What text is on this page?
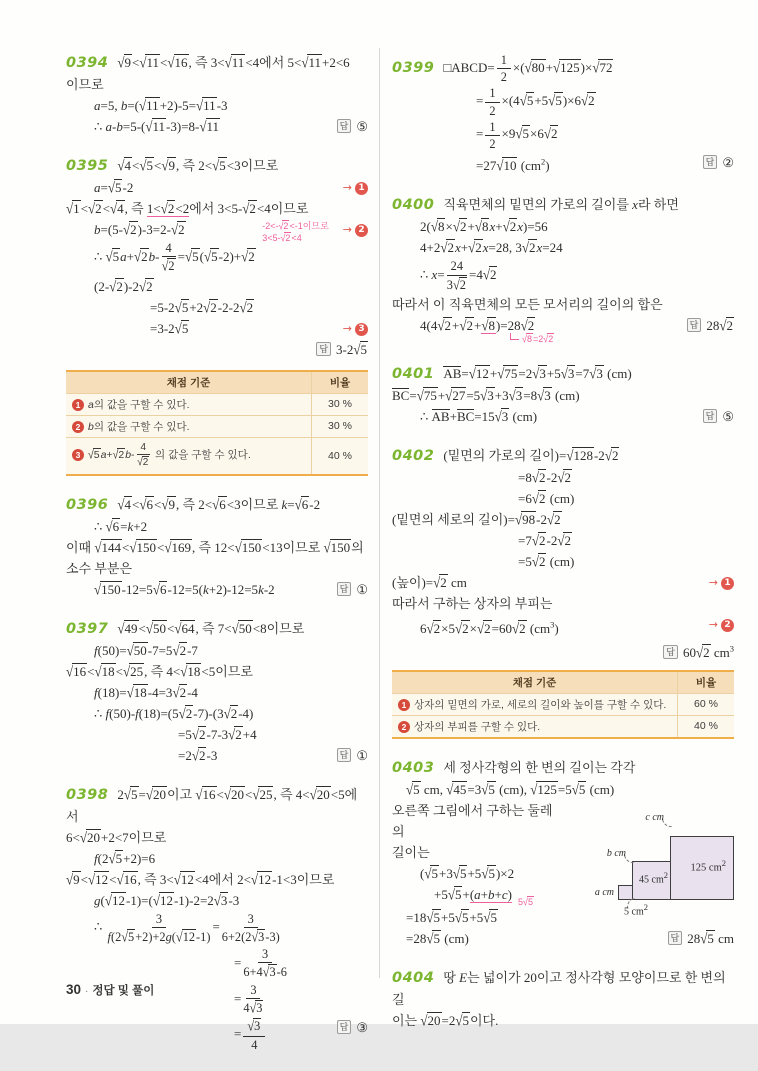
0394 √9<√11<√16, 즉 3<√11<4에서 5<√11+2<6
이므로
a=5, b=(√11+2)-5=√11-3
답 ⑤
∴ a-b=5-(√11-3)=8-√11
0395 √4<√5<√9, 즉 2<√5<3이므로
→ 1
a=√5-2
√1<√2<√4, 즉 1<√2<2에서 3<5-√2<4이므로
→ 2
-2<-√2<-1이므로
3<5-√2<4
b=(5-√2)-3=2-√2
∴ $√5a+√2b- \frac{4}{√2} =√5(√5-2)+√2(2-√2)-2√2$
=5-2√5+2√2-2-2√2
→ 3
=3-2√5
답 3-2√5
채점 기준	비율
1 a의 값을 구할 수 있다.	30 %
2 b의 값을 구할 수 있다.	30 %
3 $√5a+√2b- \frac{4}{√2}$ 의 값을 구할 수 있다.	40 %
0396 √4<√6<√9, 즉 2<√6<3이므로 k=√6-2
∴ √6=k+2
이때 √144<√150<√169, 즉 12<√150<13이므로 √150의
소수 부분은
답 ①
√150-12=5√6-12=5(k+2)-12=5k-2
0397 √49<√50<√64, 즉 7<√50<8이므로
f(50)=√50-7=5√2-7
√16<√18<√25, 즉 4<√18<5이므로
f(18)=√18-4=3√2-4
∴ f(50)-f(18)=(5√2-7)-(3√2-4)
=5√2-7-3√2+4
답 ①
=2√2-3
0398 2√5=√20이고 √16<√20<√25, 즉 4<√20<5에서
6<√20+2<7이므로
f(2√5+2)=6
√9<√12<√16, 즉 3<√12<4에서 2<√12-1<3이므로
g(√12-1)=(√12-1)-2=2√3-3
∴ $\frac{3}{f(2√5+2)+2g(√12-1)} = \frac{3}{6+2(2√3-3)}$
= $\frac{3}{6+4√3-6}$
= $\frac{3}{4√3}$
답 ③
= $\frac{√3}{4}$
0399 □ABCD= $\frac{1}{2} \times(√80+√125)\times√72$
= $\frac{1}{2} \times(4√5+5√5)\times 6√2$
= $\frac{1}{2} \times 9√5\times 6√2$
답 ②
=27√10 $(cm^2)$
0400 직육면체의 밑면의 가로의 길이를 x라 하면
2(√8×√2+√8x+√2x)=56
4+2√2x+√2x=28, 3√2x=24
∴ $x= \frac{24}{3√2} =4√2$
따라서 이 직육면체의 모든 모서리의 길이의 합은
답 28√2
4(4√2+√2+√8)=28√2
√8=2√2
0401 AB=√12+√75=2√3+5√3=7√3 (cm)
BC=√75+√27=5√3+3√3=8√3 (cm)
답 ⑤
∴ AB+BC=15√3 (cm)
0402 (밑면의 가로의 길이)=√128-2√2
=8√2-2√2
=6√2 (cm)
(밑면의 세로의 길이)=√98-2√2
=7√2-2√2
=5√2 (cm)
→ 1
(높이)=√2 cm
따라서 구하는 상자의 부피는
→ 2
6√2×5√2×√2=60√2 $(cm^3)$
답 60√2 $cm^3$
채점 기준	비율
1 상자의 밑면의 가로, 세로의 길이와 높이를 구할 수 있다.	60 %
2 상자의 부피를 구할 수 있다.	40 %
0403 세 정사각형의 한 변의 길이는 각각
√5 cm, √45=3√5 (cm), √125=5√5 (cm)
c cm
b cm
a cm
5 $cm^2$
45 $cm^2$
125 $cm^2$
오른쪽 그림에서 구하는 둘레의
길이는
(√5+3√5+5√5)×2
+5√5+(a+b+c) $_{5√5}$
=18√5+5√5+5√5
답 28√5 cm
=28√5 (cm)
0404 땅 E는 넓이가 20이고 정사각형 모양이므로 한 변의 길
이는 √20=2√5이다.
30 · 정답 및 풀이
